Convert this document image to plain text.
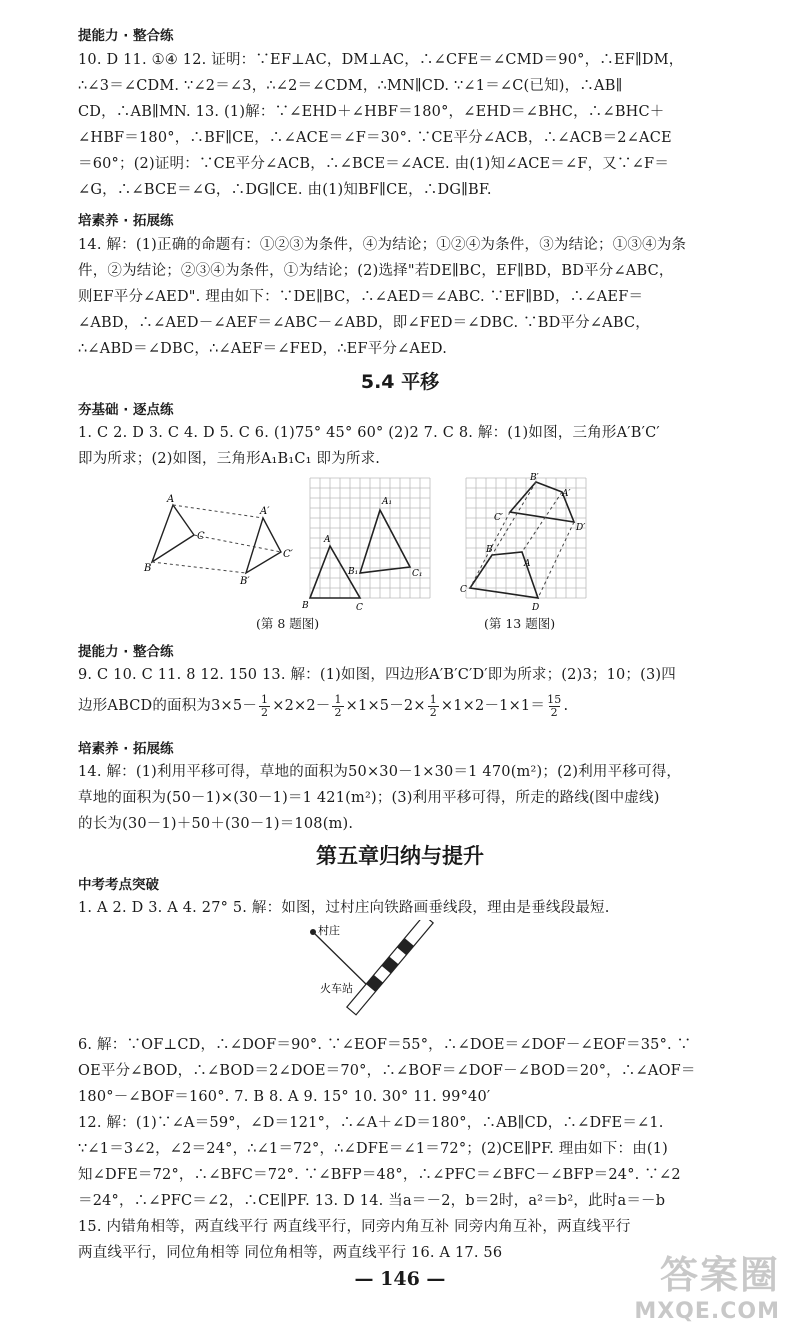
提能力 · 整合练
10. D 11. ①④ 12. 证明：∵EF⊥AC，DM⊥AC，∴∠CFE＝∠CMD＝90°，∴EF∥DM，
∴∠3＝∠CDM. ∵∠2＝∠3，∴∠2＝∠CDM，∴MN∥CD. ∵∠1＝∠C(已知)，∴AB∥
CD，∴AB∥MN. 13. (1)解：∵∠EHD＋∠HBF＝180°，∠EHD＝∠BHC，∴∠BHC＋
∠HBF＝180°，∴BF∥CE，∴∠ACE＝∠F＝30°. ∵CE平分∠ACB，∴∠ACB＝2∠ACE
＝60°；(2)证明：∵CE平分∠ACB，∴∠BCE＝∠ACE. 由(1)知∠ACE＝∠F，又∵∠F＝
∠G，∴∠BCE＝∠G，∴DG∥CE. 由(1)知BF∥CE，∴DG∥BF.
培素养 · 拓展练
14. 解：(1)正确的命题有：①②③为条件，④为结论；①②④为条件，③为结论；①③④为条
件，②为结论；②③④为条件，①为结论；(2)选择"若DE∥BC，EF∥BD，BD平分∠ABC，
则EF平分∠AED". 理由如下：∵DE∥BC，∴∠AED＝∠ABC. ∵EF∥BD，∴∠AEF＝
∠ABD，∴∠AED－∠AEF＝∠ABC－∠ABD，即∠FED＝∠DBC. ∵BD平分∠ABC，
∴∠ABD＝∠DBC，∴∠AEF＝∠FED，∴EF平分∠AED.
5.4 平移
夯基础 · 逐点练
1. C 2. D 3. C 4. D 5. C 6. (1)75° 45° 60° (2)2 7. C 8. 解：(1)如图，三角形A′B′C′
即为所求；(2)如图，三角形A₁B₁C₁ 即为所求.
A
A′
C
C′
B
B′
A₁
A
B₁	C₁
B	C
B′
A′
C′
D′
B
A
C
D
(第 8 题图)	(第 13 题图)
提能力 · 整合练
9. C 10. C 11. 8 12. 150 13. 解：(1)如图，四边形A′B′C′D′即为所求；(2)3；10；(3)四
边形ABCD的面积为$3\times 5- \frac{1}{2} \times 2\times 2- \frac{1}{2} \times 1\times 5-2\times \frac{1}{2} \times 1\times 2-1\times 1= \frac{15}{2}$ .
培素养 · 拓展练
14. 解：(1)利用平移可得，草地的面积为50×30－1×30＝1 470(m²)；(2)利用平移可得，
草地的面积为(50－1)×(30－1)＝1 421(m²)；(3)利用平移可得，所走的路线(图中虚线)
的长为(30－1)＋50＋(30－1)＝108(m).
第五章归纳与提升
中考考点突破
1. A 2. D 3. A 4. 27° 5. 解：如图，过村庄向铁路画垂线段，理由是垂线段最短.
村庄
火车站
6. 解：∵OF⊥CD，∴∠DOF＝90°. ∵∠EOF＝55°，∴∠DOE＝∠DOF－∠EOF＝35°. ∵
OE平分∠BOD，∴∠BOD＝2∠DOE＝70°，∴∠BOF＝∠DOF－∠BOD＝20°，∴∠AOF＝
180°－∠BOF＝160°. 7. B 8. A 9. 15° 10. 30° 11. 99°40′
12. 解：(1)∵∠A＝59°，∠D＝121°，∴∠A＋∠D＝180°，∴AB∥CD，∴∠DFE＝∠1.
∵∠1＝3∠2，∠2＝24°，∴∠1＝72°，∴∠DFE＝∠1＝72°；(2)CE∥PF. 理由如下：由(1)
知∠DFE＝72°，∴∠BFC＝72°. ∵∠BFP＝48°，∴∠PFC＝∠BFC－∠BFP＝24°. ∵∠2
＝24°，∴∠PFC＝∠2，∴CE∥PF. 13. D 14. 当a＝－2，b＝2时，a²＝b²，此时a＝－b
15. 内错角相等，两直线平行 两直线平行，同旁内角互补 同旁内角互补，两直线平行
两直线平行，同位角相等 同位角相等，两直线平行 16. A 17. 56
— 146 —	答案圈
MXQE.COM
